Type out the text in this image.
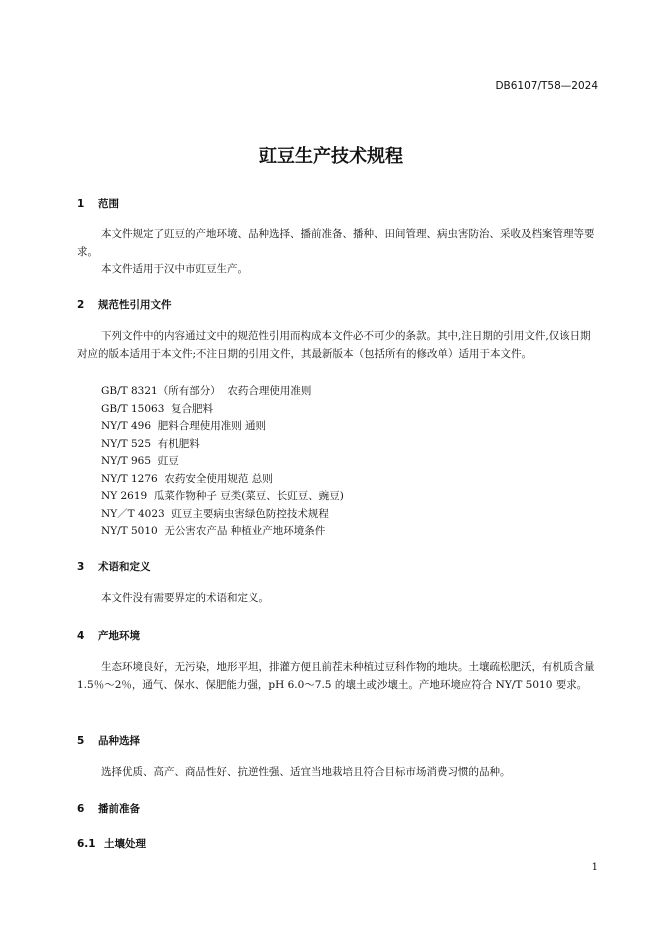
DB6107/T58—2024
豇豆生产技术规程
1 范围
本文件规定了豇豆的产地环境、品种选择、播前准备、播种、田间管理、病虫害防治、采收及档案管理等要求。
本文件适用于汉中市豇豆生产。
2 规范性引用文件
下列文件中的内容通过文中的规范性引用而构成本文件必不可少的条款。其中,注日期的引用文件,仅该日期对应的版本适用于本文件;不注日期的引用文件，其最新版本（包括所有的修改单）适用于本文件。
GB/T 8321（所有部分）  农药合理使用准则
GB/T 15063  复合肥料
NY/T 496  肥料合理使用准则 通则
NY/T 525  有机肥料
NY/T 965  豇豆
NY/T 1276  农药安全使用规范 总则
NY 2619  瓜菜作物种子 豆类(菜豆、长豇豆、豌豆)
NY／T 4023  豇豆主要病虫害绿色防控技术规程
NY/T 5010  无公害农产品 种植业产地环境条件
3 术语和定义
本文件没有需要界定的术语和定义。
4 产地环境
生态环境良好，无污染，地形平坦，排灌方便且前茬未种植过豆科作物的地块。土壤疏松肥沃，有机质含量 1.5％～2％，通气、保水、保肥能力强，pH 6.0～7.5 的壤土或沙壤土。产地环境应符合 NY/T 5010 要求。
5 品种选择
选择优质、高产、商品性好、抗逆性强、适宜当地栽培且符合目标市场消费习惯的品种。
6 播前准备
6.1 土壤处理
1
